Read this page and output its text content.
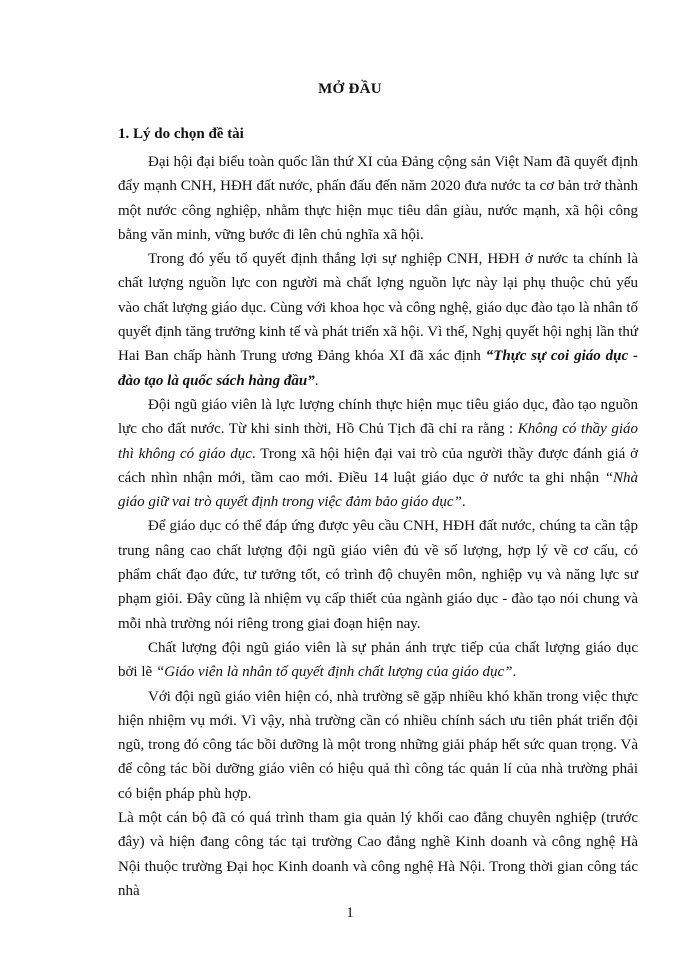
MỞ ĐẦU
1. Lý do chọn đề tài

Đại hội đại biểu toàn quốc lần thứ XI của Đảng cộng sản Việt Nam đã quyết định đẩy mạnh CNH, HĐH đất nước, phấn đấu đến năm 2020 đưa nước ta cơ bản trở thành một nước công nghiệp, nhằm thực hiện mục tiêu dân giàu, nước mạnh, xã hội công bằng văn minh, vững bước đi lên chủ nghĩa xã hội.

Trong đó yếu tố quyết định thắng lợi sự nghiệp CNH, HĐH ở nước ta chính là chất lượng nguồn lực con người mà chất lợng nguồn lực này lại phụ thuộc chủ yếu vào chất lượng giáo dục. Cùng với khoa học và công nghệ, giáo dục đào tạo là nhân tố quyết định tăng trưởng kinh tế và phát triển xã hội. Vì thế, Nghị quyết hội nghị lần thứ Hai Ban chấp hành Trung ương Đảng khóa XI đã xác định “Thực sự coi giáo dục - đào tạo là quốc sách hàng đầu”.

Đội ngũ giáo viên là lực lượng chính thực hiện mục tiêu giáo dục, đào tạo nguồn lực cho đất nước. Từ khi sinh thời, Hồ Chủ Tịch đã chỉ ra rằng : Không có thầy giáo thì không có giáo dục. Trong xã hội hiện đại vai trò của người thầy được đánh giá ở cách nhìn nhận mới, tầm cao mới. Điều 14 luật giáo dục ở nước ta ghi nhận “Nhà giáo giữ vai trò quyết định trong việc đảm bảo giáo dục”.

Để giáo dục có thể đáp ứng được yêu cầu CNH, HĐH đất nước, chúng ta cần tập trung nâng cao chất lượng đội ngũ giáo viên đủ về số lượng, hợp lý về cơ cấu, có phẩm chất đạo đức, tư tưởng tốt, có trình độ chuyên môn, nghiệp vụ và năng lực sư phạm giỏi. Đây cũng là nhiệm vụ cấp thiết của ngành giáo dục - đào tạo nói chung và mỗi nhà trường nói riêng trong giai đoạn hiện nay.

Chất lượng đội ngũ giáo viên là sự phản ánh trực tiếp của chất lượng giáo dục bởi lẽ “Giáo viên là nhân tố quyết định chất lượng của giáo dục”.

Với đội ngũ giáo viên hiện có, nhà trường sẽ gặp nhiều khó khăn trong việc thực hiện nhiệm vụ mới. Vì vậy, nhà trường cần có nhiều chính sách ưu tiên phát triển đội ngũ, trong đó công tác bồi dưỡng là một trong những giải pháp hết sức quan trọng. Và để công tác bồi dưỡng giáo viên có hiệu quả thì công tác quản lí của nhà trường phải có biện pháp phù hợp.

Là một cán bộ đã có quá trình tham gia quản lý khối cao đẳng chuyên nghiệp (trước đây) và hiện đang công tác tại trường Cao đẳng nghề Kinh doanh và công nghệ Hà Nội thuộc trường Đại học Kinh doanh và công nghệ Hà Nội. Trong thời gian công tác nhà

1
